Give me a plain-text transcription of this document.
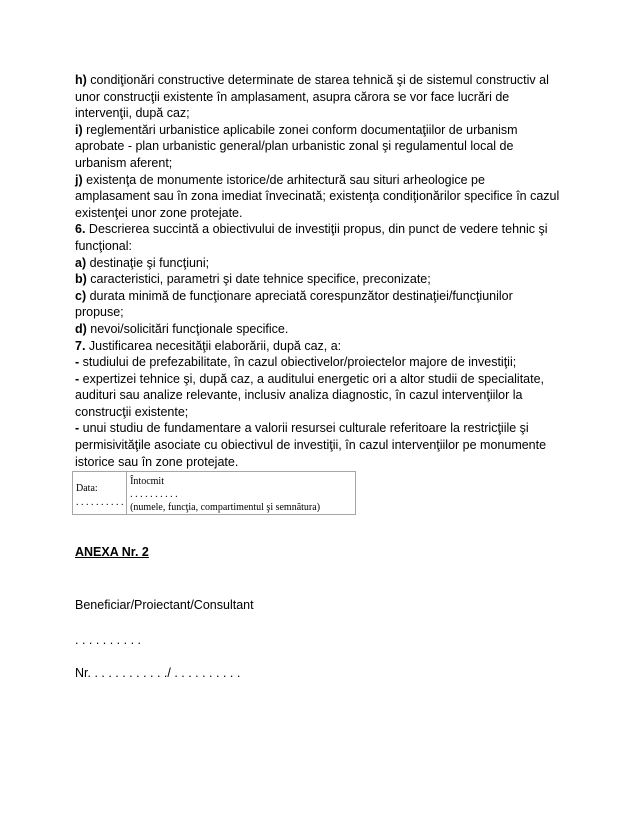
h) condiţionări constructive determinate de starea tehnică şi de sistemul constructiv al
unor construcţii existente în amplasament, asupra cărora se vor face lucrări de
intervenţii, după caz;
i) reglementări urbanistice aplicabile zonei conform documentaţiilor de urbanism
aprobate - plan urbanistic general/plan urbanistic zonal şi regulamentul local de
urbanism aferent;
j) existenţa de monumente istorice/de arhitectură sau situri arheologice pe
amplasament sau în zona imediat învecinată; existenţa condiţionărilor specifice în cazul
existenţei unor zone protejate.
6. Descrierea succintă a obiectivului de investiţii propus, din punct de vedere tehnic şi
funcţional:
a) destinaţie şi funcţiuni;
b) caracteristici, parametri şi date tehnice specifice, preconizate;
c) durata minimă de funcţionare apreciată corespunzător destinaţiei/funcţiunilor
propuse;
d) nevoi/solicitări funcţionale specifice.
7. Justificarea necesităţii elaborării, după caz, a:
- studiului de prefezabilitate, în cazul obiectivelor/proiectelor majore de investiţii;
- expertizei tehnice şi, după caz, a auditului energetic ori a altor studii de specialitate,
audituri sau analize relevante, inclusiv analiza diagnostic, în cazul intervenţiilor la
construcţii existente;
- unui studiu de fundamentare a valorii resursei culturale referitoare la restricţiile şi
permisivităţile asociate cu obiectivul de investiţii, în cazul intervenţiilor pe monumente
istorice sau în zone protejate.
Data:
. . . . . . . . . .

Întocmit
. . . . . . . . . .
(numele, funcţia, compartimentul şi semnătura)
ANEXA Nr. 2
Beneficiar/Proiectant/Consultant
. . . . . . . . . .
Nr. . . . . . . . . . . ./ . . . . . . . . . .
